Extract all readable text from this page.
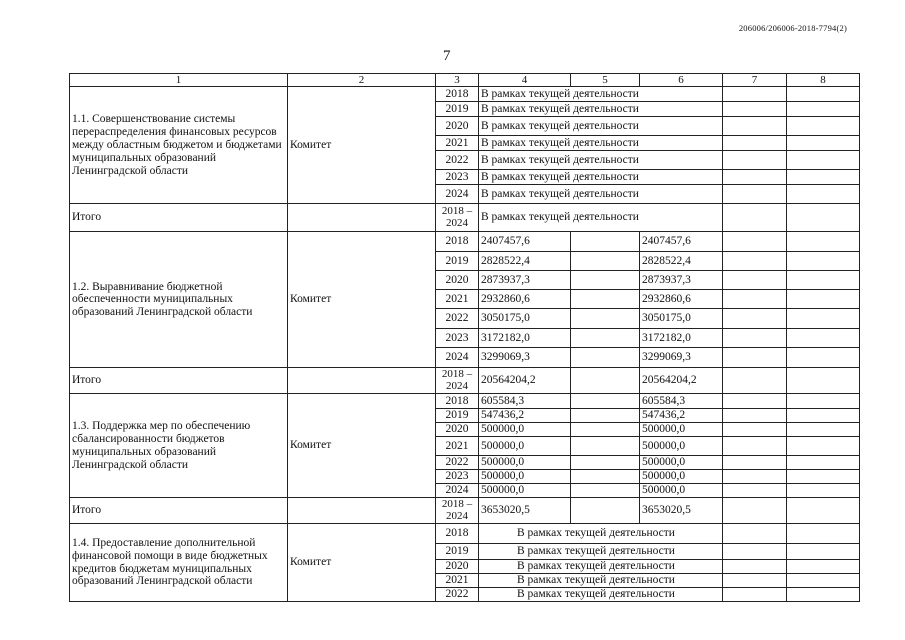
206006/206006-2018-7794(2)
7
1	2	3	4	5	6	7	8
1.1. Совершенствование системы перераспределения финансовых ресурсов между областным бюджетом и бюджетами муниципальных образований Ленинградской области	Комитет	2018	В рамках текущей деятельности				
		2019	В рамках текущей деятельности				
		2020	В рамках текущей деятельности				
		2021	В рамках текущей деятельности				
		2022	В рамках текущей деятельности				
		2023	В рамках текущей деятельности				
		2024	В рамках текущей деятельности				
Итого		2018 – 2024	В рамках текущей деятельности				
1.2. Выравнивание бюджетной обеспеченности муниципальных образований Ленинградской области	Комитет	2018	2407457,6		2407457,6		
		2019	2828522,4		2828522,4		
		2020	2873937,3		2873937,3		
		2021	2932860,6		2932860,6		
		2022	3050175,0		3050175,0		
		2023	3172182,0		3172182,0		
		2024	3299069,3		3299069,3		
Итого		2018 – 2024	20564204,2		20564204,2		
1.3. Поддержка мер по обеспечению сбалансированности бюджетов муниципальных образований Ленинградской области	Комитет	2018	605584,3		605584,3		
		2019	547436,2		547436,2		
		2020	500000,0		500000,0		
		2021	500000,0		500000,0		
		2022	500000,0		500000,0		
		2023	500000,0		500000,0		
		2024	500000,0		500000,0		
Итого		2018 – 2024	3653020,5		3653020,5		
1.4. Предоставление дополнительной финансовой помощи в виде бюджетных кредитов бюджетам муниципальных образований Ленинградской области	Комитет	2018	В рамках текущей деятельности				
		2019	В рамках текущей деятельности				
		2020	В рамках текущей деятельности				
		2021	В рамках текущей деятельности				
		2022	В рамках текущей деятельности				
